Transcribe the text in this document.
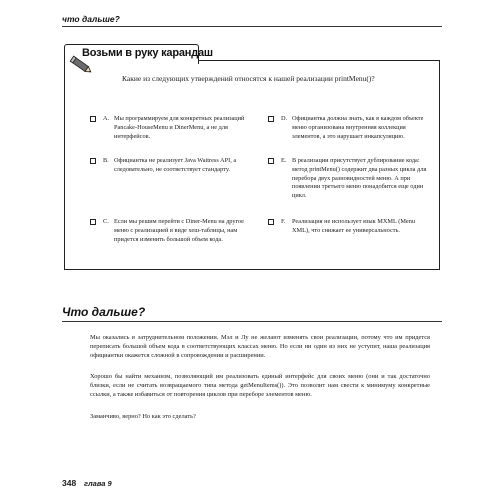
что дальше?
Возьми в руку карандаш
Какие из следующих утверждений относятся к нашей реализации printMenu()?
A. Мы программируем для конкретных реализаций Pancake-HouseMenu и DinerMenu, а не для интерфейсов.
D. Официантка должна знать, как в каждом объекте меню организована внутренняя коллекция элементов, а это нарушает инкапсуляцию.
B. Официантка не реализует Java Waitress API, а следовательно, не соответствует стандарту.
E. В реализации присутствует дублирование кода: метод printMenu() содержит два разных цикла для перебора двух разновидностей меню. А при появлении третьего меню понадобится еще один цикл.
C. Если мы решим перейти с Diner-Menu на другое меню с реализацией в виде хеш-таблицы, нам придется изменить большой объем кода.
F. Реализация не использует язык MXML (Menu XML), что снижает ее универсальность.
Что дальше?

Мы оказались в затруднительном положении. Мэл и Лу не желают изменять свои реализации, потому что им придется переписать большой объем кода в соответствующих классах меню. Но если ни один из них не уступит, наша реализация официантки окажется сложной в сопровождении и расширении.

Хорошо бы найти механизм, позволяющий им реализовать единый интерфейс для своих меню (они и так достаточно близки, если не считать возвращаемого типа метода getMenuItems()). Это позволит нам свести к минимуму конкретные ссылки, а также избавиться от повторения циклов при переборе элементов меню.

Заманчиво, верно? Но как это сделать?

348 глава 9
